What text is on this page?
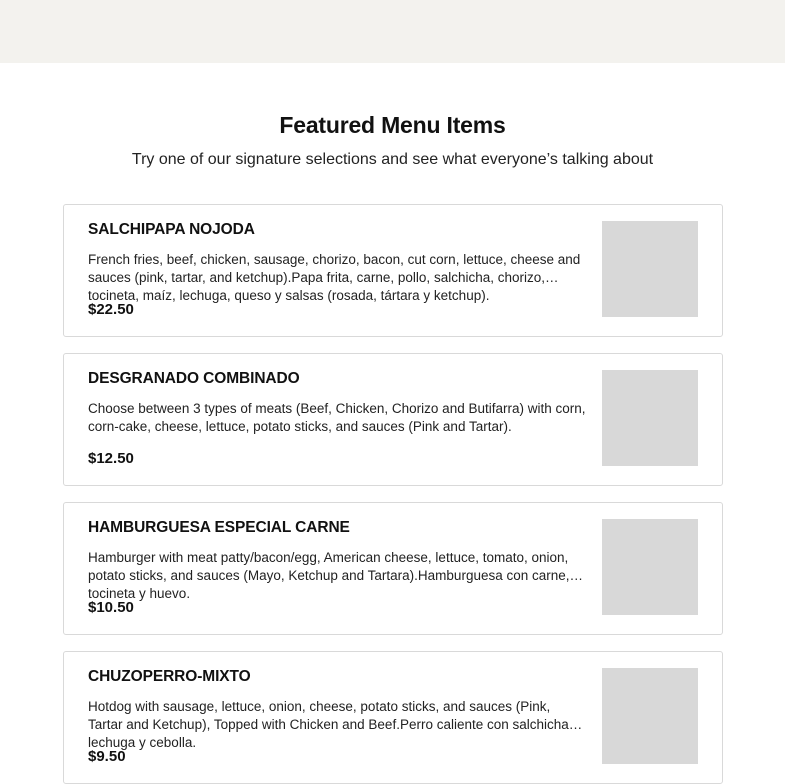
Featured Menu Items

Try one of our signature selections and see what everyone’s talking about

SALCHIPAPA NOJODA
French fries, beef, chicken, sausage, chorizo, bacon, cut corn, lettuce, cheese and sauces (pink, tartar, and ketchup).Papa frita, carne, pollo, salchicha, chorizo, tocineta, maíz, lechuga, queso y salsas (rosada, tártara y ketchup).
$22.50
DESGRANADO COMBINADO
Choose between 3 types of meats (Beef, Chicken, Chorizo and Butifarra) with corn, corn-cake, cheese, lettuce, potato sticks, and sauces (Pink and Tartar).
$12.50
HAMBURGUESA ESPECIAL CARNE
Hamburger with meat patty/bacon/egg, American cheese, lettuce, tomato, onion, potato sticks, and sauces (Mayo, Ketchup and Tartara).Hamburguesa con carne, tocineta y huevo.
$10.50
CHUZOPERRO-MIXTO
Hotdog with sausage, lettuce, onion, cheese, potato sticks, and sauces (Pink, Tartar and Ketchup), Topped with Chicken and Beef.Perro caliente con salchicha, lechuga y cebolla.
$9.50
